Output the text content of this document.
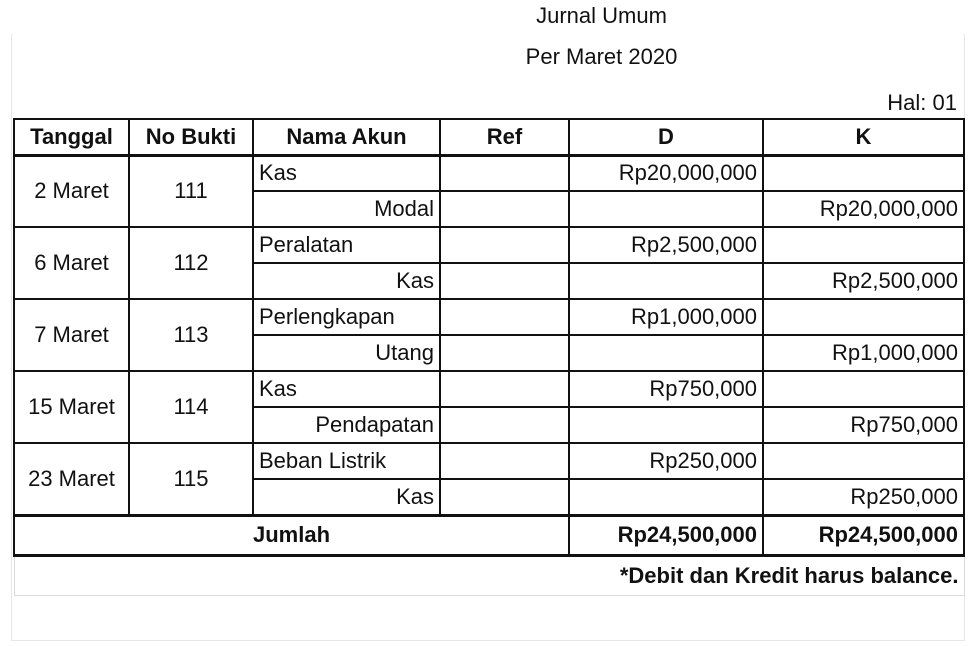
Jurnal Umum
Per Maret 2020
Hal: 01
Tanggal	No Bukti	Nama Akun	Ref	D	K
2 Maret	111	Kas		Rp20,000,000	
		Modal			Rp20,000,000
6 Maret	112	Peralatan		Rp2,500,000	
		Kas			Rp2,500,000
7 Maret	113	Perlengkapan		Rp1,000,000	
		Utang			Rp1,000,000
15 Maret	114	Kas		Rp750,000	
		Pendapatan			Rp750,000
23 Maret	115	Beban Listrik		Rp250,000	
		Kas			Rp250,000
Jumlah				Rp24,500,000	Rp24,500,000
*Debit dan Kredit harus balance.					
